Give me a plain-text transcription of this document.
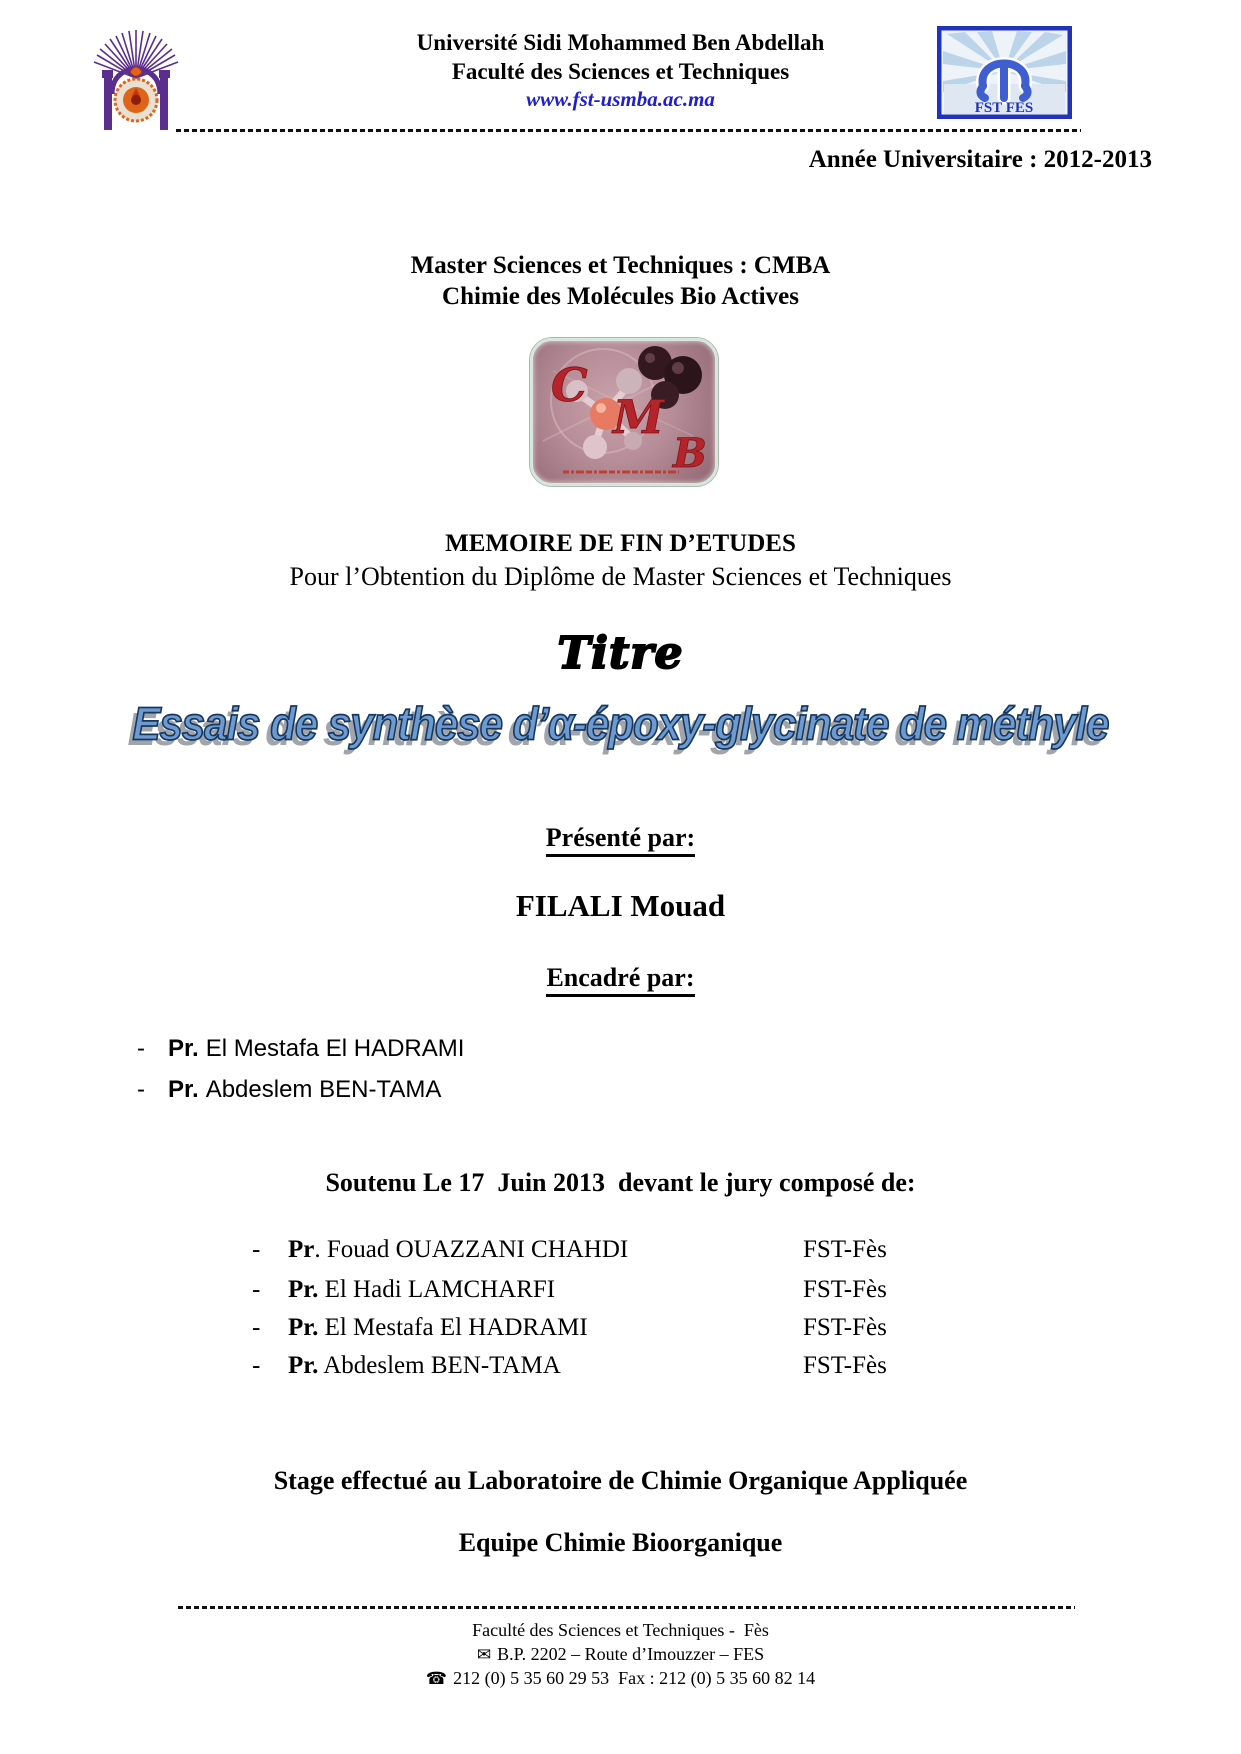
Université Sidi Mohammed Ben Abdellah
Faculté des Sciences et Techniques
www.fst-usmba.ac.ma	FST FES
Année Universitaire : 2012-2013
Master Sciences et Techniques : CMBA
Chimie des Molécules Bio Actives
C
M
B
MEMOIRE DE FIN D’ETUDES
Pour l’Obtention du Diplôme de Master Sciences et Techniques
Titre
Essais de synthèse d’α-époxy-glycinate de méthyle
Présenté par:
FILALI Mouad
Encadré par:
- Pr. El Mestafa El HADRAMI
- Pr. Abdeslem BEN-TAMA
Soutenu Le 17  Juin 2013  devant le jury composé de:
-	Pr. Fouad OUAZZANI CHAHDI	FST-Fès
-	Pr. El Hadi LAMCHARFI	FST-Fès
-	Pr. El Mestafa El HADRAMI	FST-Fès
-	Pr. Abdeslem BEN-TAMA	FST-Fès
Stage effectué au Laboratoire de Chimie Organique Appliquée
Equipe Chimie Bioorganique
Faculté des Sciences et Techniques -  Fès
✉ B.P. 2202 – Route d’Imouzzer – FES
☎ 212 (0) 5 35 60 29 53  Fax : 212 (0) 5 35 60 82 14
